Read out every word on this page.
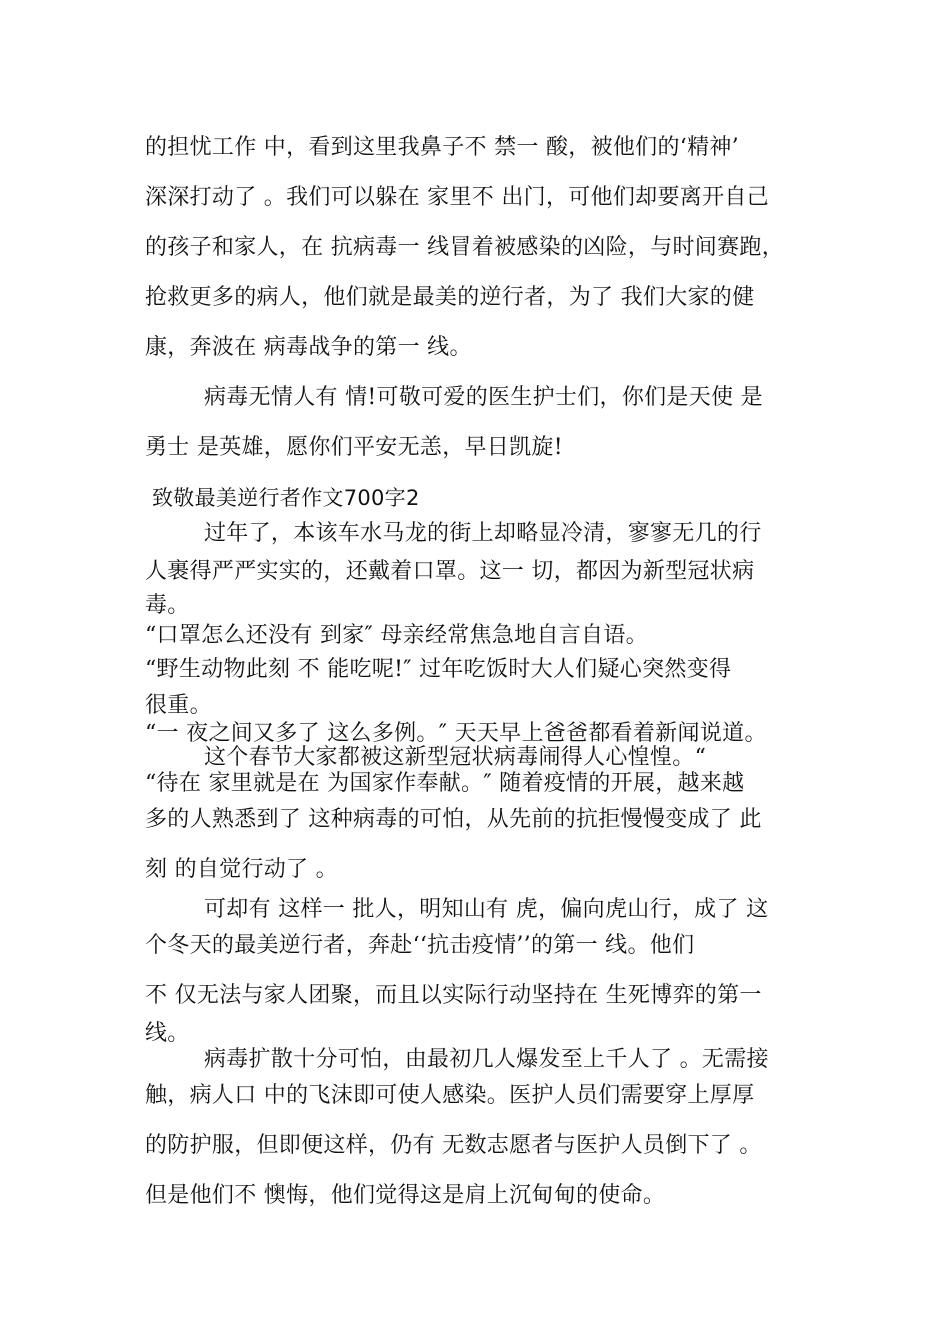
的担忧工作 中，看到这里我鼻子不 禁一 酸，被他们的‘精神’
深深打动了 。我们可以躲在 家里不 出门，可他们却要离开自己
的孩子和家人，在 抗病毒一 线冒着被感染的凶险，与时间赛跑，
抢救更多的病人，他们就是最美的逆行者，为了 我们大家的健
康，奔波在 病毒战争的第一 线。
病毒无情人有 情!可敬可爱的医生护士们，你们是天使 是
勇士 是英雄，愿你们平安无恙，早日凯旋!
致敬最美逆行者作文700字2
过年了，本该车水马龙的街上却略显冷清，寥寥无几的行
人裹得严严实实的，还戴着口罩。这一 切，都因为新型冠状病
毒。
“口罩怎么还没有 到家″ 母亲经常焦急地自言自语。
“野生动物此刻 不 能吃呢!″ 过年吃饭时大人们疑心突然变得
很重。
“一 夜之间又多了 这么多例。″ 天天早上爸爸都看着新闻说道。
这个春节大家都被这新型冠状病毒闹得人心惶惶。“
“待在 家里就是在 为国家作奉献。″ 随着疫情的开展，越来越
多的人熟悉到了 这种病毒的可怕，从先前的抗拒慢慢变成了 此
刻 的自觉行动了 。
可却有 这样一 批人，明知山有 虎，偏向虎山行，成了 这
个冬天的最美逆行者，奔赴‘‘抗击疫情’’的第一 线。他们
不 仅无法与家人团聚，而且以实际行动坚持在 生死博弈的第一
线。
病毒扩散十分可怕，由最初几人爆发至上千人了 。无需接
触，病人口 中的飞沫即可使人感染。医护人员们需要穿上厚厚
的防护服，但即便这样，仍有 无数志愿者与医护人员倒下了 。
但是他们不 懊悔，他们觉得这是肩上沉甸甸的使命。
